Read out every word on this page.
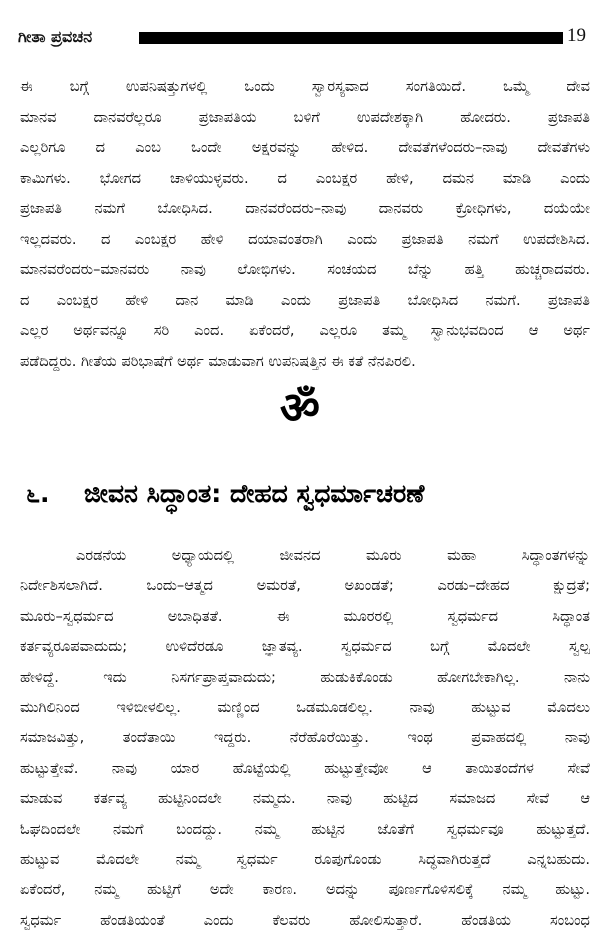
ಗೀತಾ ಪ್ರವಚನ	19
ಈ ಬಗ್ಗೆ ಉಪನಿಷತ್ತುಗಳಲ್ಲಿ ಒಂದು ಸ್ವಾರಸ್ಯವಾದ ಸಂಗತಿಯಿದೆ. ಒಮ್ಮೆ ದೇವ
ಮಾನವ ದಾನವರೆಲ್ಲರೂ ಪ್ರಜಾಪತಿಯ ಬಳಿಗೆ ಉಪದೇಶಕ್ಕಾಗಿ ಹೋದರು. ಪ್ರಜಾಪತಿ
ಎಲ್ಲರಿಗೂ ದ ಎಂಬ ಒಂದೇ ಅಕ್ಷರವನ್ನು ಹೇಳಿದ. ದೇವತೆಗಳೆಂದರು–ನಾವು ದೇವತೆಗಳು
ಕಾಮಿಗಳು. ಭೋಗದ ಚಾಳಿಯುಳ್ಳವರು. ದ ಎಂಬಕ್ಷರ ಹೇಳಿ, ದಮನ ಮಾಡಿ ಎಂದು
ಪ್ರಜಾಪತಿ ನಮಗೆ ಬೋಧಿಸಿದ. ದಾನವರೆಂದರು–ನಾವು ದಾನವರು ಕ್ರೋಧಿಗಳು, ದಯೆಯೇ
ಇಲ್ಲದವರು. ದ ಎಂಬಕ್ಷರ ಹೇಳಿ ದಯಾವಂತರಾಗಿ ಎಂದು ಪ್ರಜಾಪತಿ ನಮಗೆ ಉಪದೇಶಿಸಿದ.
ಮಾನವರೆಂದರು–ಮಾನವರು ನಾವು ಲೋಭಿಗಳು. ಸಂಚಯದ ಬೆನ್ನು ಹತ್ತಿ ಹುಚ್ಚರಾದವರು.
ದ ಎಂಬಕ್ಷರ ಹೇಳಿ ದಾನ ಮಾಡಿ ಎಂದು ಪ್ರಜಾಪತಿ ಬೋಧಿಸಿದ ನಮಗೆ. ಪ್ರಜಾಪತಿ
ಎಲ್ಲರ ಅರ್ಥವನ್ನೂ ಸರಿ ಎಂದ. ಏಕೆಂದರೆ, ಎಲ್ಲರೂ ತಮ್ಮ ಸ್ವಾನುಭವದಿಂದ ಆ ಅರ್ಥ
ಪಡೆದಿದ್ದರು. ಗೀತೆಯ ಪರಿಭಾಷೆಗೆ ಅರ್ಥ ಮಾಡುವಾಗ ಉಪನಿಷತ್ತಿನ ಈ ಕತೆ ನೆನಪಿರಲಿ.
ॐ
೬.	ಜೀವನ ಸಿದ್ಧಾಂತ: ದೇಹದ ಸ್ವಧರ್ಮಾಚರಣೆ
ಎರಡನೆಯ ಅಧ್ಯಾಯದಲ್ಲಿ ಜೀವನದ ಮೂರು ಮಹಾ ಸಿದ್ಧಾಂತಗಳನ್ನು
ನಿರ್ದೇಶಿಸಲಾಗಿದೆ. ಒಂದು–ಆತ್ಮದ ಅಮರತೆ, ಅಖಂಡತೆ; ಎರಡು–ದೇಹದ ಕ್ಷುದ್ರತೆ;
ಮೂರು–ಸ್ವಧರ್ಮದ ಅಬಾಧಿತತೆ. ಈ ಮೂರರಲ್ಲಿ ಸ್ವಧರ್ಮದ ಸಿದ್ಧಾಂತ
ಕರ್ತವ್ಯರೂಪವಾದುದು; ಉಳಿದೆರಡೂ ಜ್ಞಾತವ್ಯ. ಸ್ವಧರ್ಮದ ಬಗ್ಗೆ ಮೊದಲೇ ಸ್ವಲ್ಪ
ಹೇಳಿದ್ದೆ. ಇದು ನಿಸರ್ಗಪ್ರಾಪ್ತವಾದುದು; ಹುಡುಕಿಕೊಂಡು ಹೋಗಬೇಕಾಗಿಲ್ಲ. ನಾನು
ಮುಗಿಲಿನಿಂದ ಇಳಿಬೀಳಲಿಲ್ಲ. ಮಣ್ಣಿಂದ ಒಡಮೂಡಲಿಲ್ಲ. ನಾವು ಹುಟ್ಟುವ ಮೊದಲು
ಸಮಾಜವಿತ್ತು, ತಂದೆತಾಯಿ ಇದ್ದರು. ನೆರೆಹೊರೆಯಿತ್ತು. ಇಂಥ ಪ್ರವಾಹದಲ್ಲಿ ನಾವು
ಹುಟ್ಟುತ್ತೇವೆ. ನಾವು ಯಾರ ಹೊಟ್ಟೆಯಲ್ಲಿ ಹುಟ್ಟುತ್ತೇವೋ ಆ ತಾಯಿತಂದೆಗಳ ಸೇವೆ
ಮಾಡುವ ಕರ್ತವ್ಯ ಹುಟ್ಟಿನಿಂದಲೇ ನಮ್ಮದು. ನಾವು ಹುಟ್ಟಿದ ಸಮಾಜದ ಸೇವೆ ಆ
ಓಘದಿಂದಲೇ ನಮಗೆ ಬಂದದ್ದು. ನಮ್ಮ ಹುಟ್ಟಿನ ಜೊತೆಗೆ ಸ್ವಧರ್ಮವೂ ಹುಟ್ಟುತ್ತದೆ.
ಹುಟ್ಟುವ ಮೊದಲೇ ನಮ್ಮ ಸ್ವಧರ್ಮ ರೂಪುಗೊಂಡು ಸಿದ್ಧವಾಗಿರುತ್ತದೆ ಎನ್ನಬಹುದು.
ಏಕೆಂದರೆ, ನಮ್ಮ ಹುಟ್ಟಿಗೆ ಅದೇ ಕಾರಣ. ಅದನ್ನು ಪೂರ್ಣಗೊಳಿಸಲಿಕ್ಕೆ ನಮ್ಮ ಹುಟ್ಟು.
ಸ್ವಧರ್ಮ ಹೆಂಡತಿಯಂತೆ ಎಂದು ಕೆಲವರು ಹೋಲಿಸುತ್ತಾರೆ. ಹೆಂಡತಿಯ ಸಂಬಂಧ
